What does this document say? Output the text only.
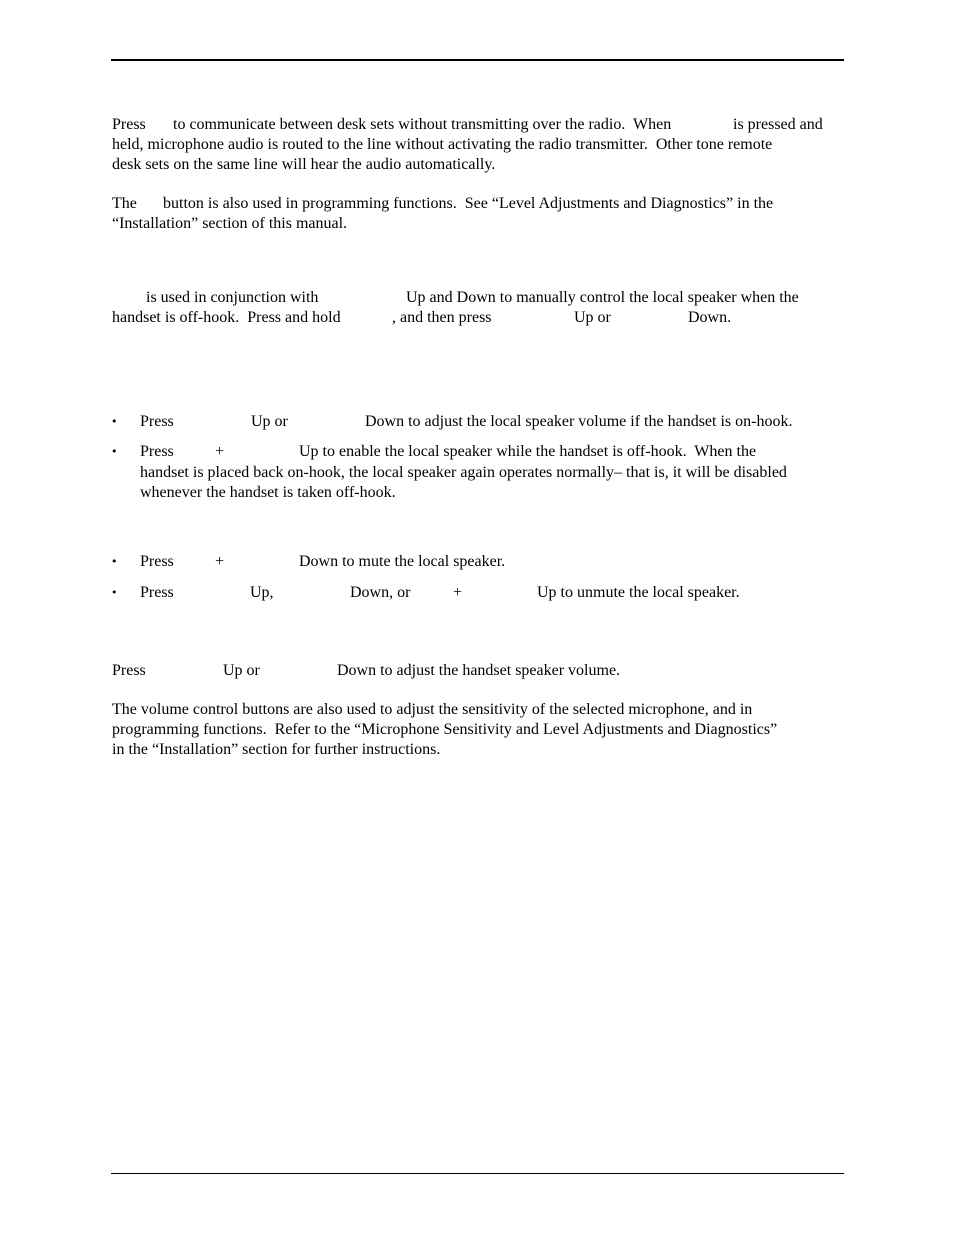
Press to communicate between desk sets without transmitting over the radio.  When	is pressed and
held, microphone audio is routed to the line without activating the radio transmitter.  Other tone remote
desk sets on the same line will hear the audio automatically.
The button is also used in programming functions.  See “Level Adjustments and Diagnostics” in the
“Installation” section of this manual.
is used in conjunction with	Up and Down to manually control the local speaker when the
handset is off-hook.  Press and hold	, and then press	Up or	Down.
•	Press	Up or	Down to adjust the local speaker volume if the handset is on-hook.
•	Press	+	Up to enable the local speaker while the handset is off-hook.  When the
handset is placed back on-hook, the local speaker again operates normally– that is, it will be disabled
whenever the handset is taken off-hook.
•	Press	+	Down to mute the local speaker.
•	Press	Up,	Down, or	+	Up to unmute the local speaker.
Press	Up or	Down to adjust the handset speaker volume.
The volume control buttons are also used to adjust the sensitivity of the selected microphone, and in
programming functions.  Refer to the “Microphone Sensitivity and Level Adjustments and Diagnostics”
in the “Installation” section for further instructions.
